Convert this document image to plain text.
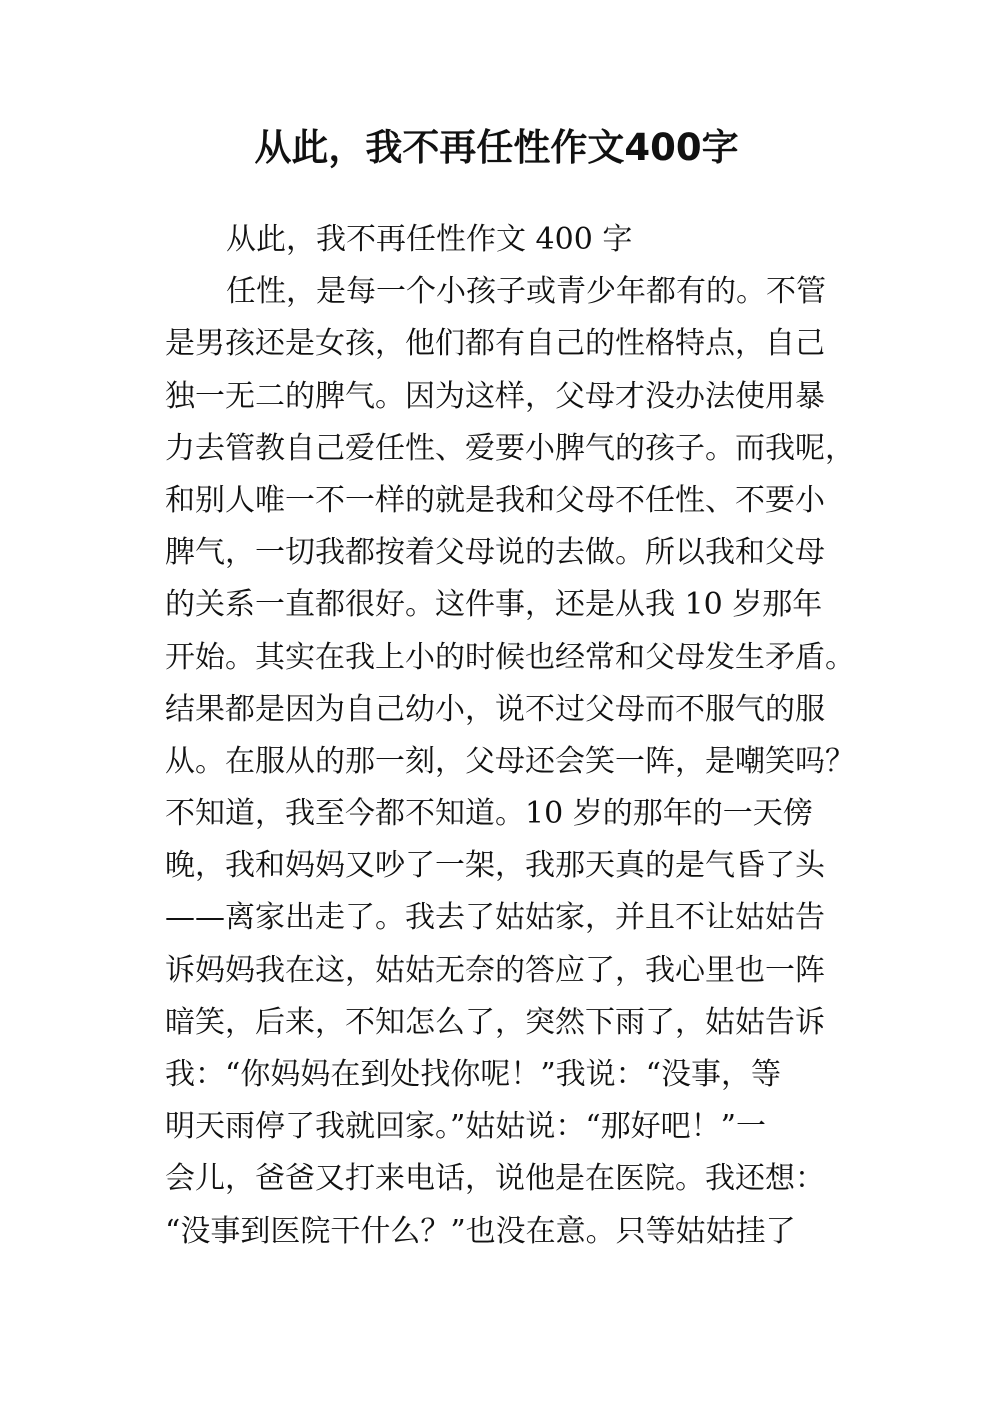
从此，我不再任性作文400字
从此，我不再任性作文 400 字
任性，是每一个小孩子或青少年都有的。不管
是男孩还是女孩，他们都有自己的性格特点，自己
独一无二的脾气。因为这样，父母才没办法使用暴
力去管教自己爱任性、爱要小脾气的孩子。而我呢，
和别人唯一不一样的就是我和父母不任性、不要小
脾气，一切我都按着父母说的去做。所以我和父母
的关系一直都很好。这件事，还是从我 10 岁那年
开始。其实在我上小的时候也经常和父母发生矛盾。
结果都是因为自己幼小，说不过父母而不服气的服
从。在服从的那一刻，父母还会笑一阵，是嘲笑吗？
不知道，我至今都不知道。10 岁的那年的一天傍
晚，我和妈妈又吵了一架，我那天真的是气昏了头
——离家出走了。我去了姑姑家，并且不让姑姑告
诉妈妈我在这，姑姑无奈的答应了，我心里也一阵
暗笑，后来，不知怎么了，突然下雨了，姑姑告诉
我：“你妈妈在到处找你呢！”我说：“没事，等
明天雨停了我就回家。”姑姑说：“那好吧！”一
会儿，爸爸又打来电话，说他是在医院。我还想：
“没事到医院干什么？”也没在意。只等姑姑挂了
